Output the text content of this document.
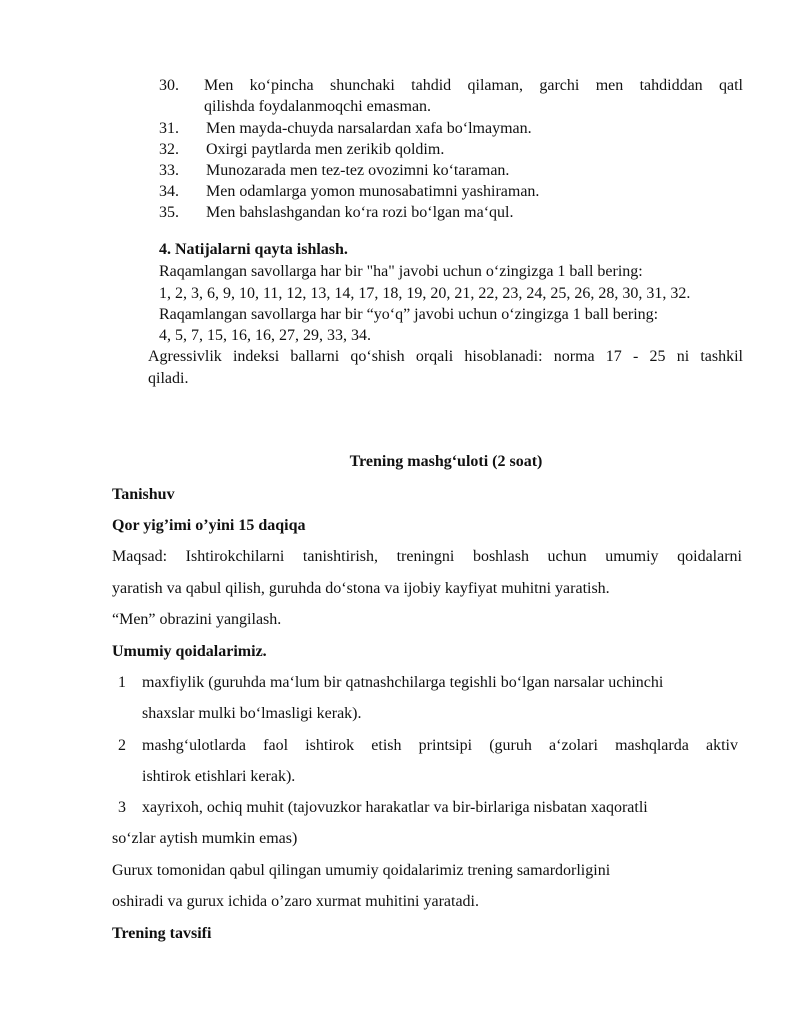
30. Men ko‘pincha shunchaki tahdid qilaman, garchi men tahdiddan qatl
qilishda foydalanmoqchi emasman.
31. Men mayda-chuyda narsalardan xafa bo‘lmayman.
32. Oxirgi paytlarda men zerikib qoldim.
33. Munozarada men tez-tez ovozimni ko‘taraman.
34. Men odamlarga yomon munosabatimni yashiraman.
35. Men bahslashgandan ko‘ra rozi bo‘lgan ma‘qul.
4. Natijalarni qayta ishlash.
Raqamlangan savollarga har bir "ha" javobi uchun o‘zingizga 1 ball bering:
1, 2, 3, 6, 9, 10, 11, 12, 13, 14, 17, 18, 19, 20, 21, 22, 23, 24, 25, 26, 28, 30, 31, 32.
Raqamlangan savollarga har bir “yo‘q” javobi uchun o‘zingizga 1 ball bering:
4, 5, 7, 15, 16, 16, 27, 29, 33, 34.
Agressivlik indeksi ballarni qo‘shish orqali hisoblanadi: norma 17 - 25 ni tashkil
qiladi.
Trening mashg‘uloti (2 soat)
Tanishuv
Qor yig’imi o’yini 15 daqiqa
Maqsad: Ishtirokchilarni tanishtirish, treningni boshlash uchun umumiy qoidalarni
yaratish va qabul qilish, guruhda do‘stona va ijobiy kayfiyat muhitni yaratish.
“Men” obrazini yangilash.
Umumiy qoidalarimiz.
1 maxfiylik (guruhda ma‘lum bir qatnashchilarga tegishli bo‘lgan narsalar uchinchi
shaxslar mulki bo‘lmasligi kerak).
2 mashg‘ulotlarda faol ishtirok etish printsipi (guruh a‘zolari mashqlarda aktiv
ishtirok etishlari kerak).
3 xayrixoh, ochiq muhit (tajovuzkor harakatlar va bir-birlariga nisbatan xaqoratli
so‘zlar aytish mumkin emas)
Gurux tomonidan qabul qilingan umumiy qoidalarimiz trening samardorligini
oshiradi va gurux ichida o’zaro xurmat muhitini yaratadi.
Trening tavsifi
